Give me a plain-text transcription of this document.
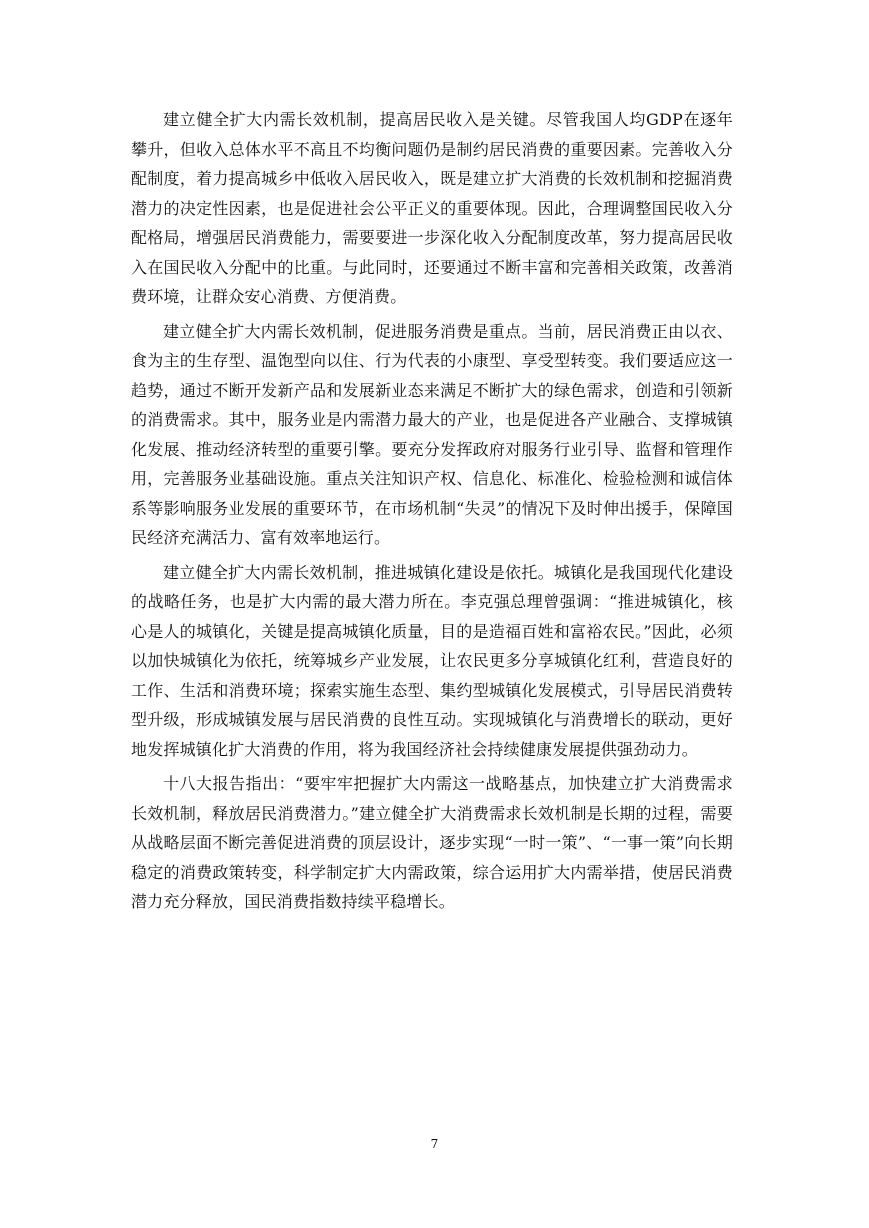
建立健全扩大内需长效机制，提高居民收入是关键。尽管我国人均GDP在逐年攀升，但收入总体水平不高且不均衡问题仍是制约居民消费的重要因素。完善收入分配制度，着力提高城乡中低收入居民收入，既是建立扩大消费的长效机制和挖掘消费潜力的决定性因素，也是促进社会公平正义的重要体现。因此，合理调整国民收入分配格局，增强居民消费能力，需要要进一步深化收入分配制度改革，努力提高居民收入在国民收入分配中的比重。与此同时，还要通过不断丰富和完善相关政策，改善消费环境，让群众安心消费、方便消费。

建立健全扩大内需长效机制，促进服务消费是重点。当前，居民消费正由以衣、食为主的生存型、温饱型向以住、行为代表的小康型、享受型转变。我们要适应这一趋势，通过不断开发新产品和发展新业态来满足不断扩大的绿色需求，创造和引领新的消费需求。其中，服务业是内需潜力最大的产业，也是促进各产业融合、支撑城镇化发展、推动经济转型的重要引擎。要充分发挥政府对服务行业引导、监督和管理作用，完善服务业基础设施。重点关注知识产权、信息化、标准化、检验检测和诚信体系等影响服务业发展的重要环节，在市场机制“失灵”的情况下及时伸出援手，保障国民经济充满活力、富有效率地运行。

建立健全扩大内需长效机制，推进城镇化建设是依托。城镇化是我国现代化建设的战略任务，也是扩大内需的最大潜力所在。李克强总理曾强调：“推进城镇化，核心是人的城镇化，关键是提高城镇化质量，目的是造福百姓和富裕农民。”因此，必须以加快城镇化为依托，统筹城乡产业发展，让农民更多分享城镇化红利，营造良好的工作、生活和消费环境；探索实施生态型、集约型城镇化发展模式，引导居民消费转型升级，形成城镇发展与居民消费的良性互动。实现城镇化与消费增长的联动，更好地发挥城镇化扩大消费的作用，将为我国经济社会持续健康发展提供强劲动力。

十八大报告指出：“要牢牢把握扩大内需这一战略基点，加快建立扩大消费需求长效机制，释放居民消费潜力。”建立健全扩大消费需求长效机制是长期的过程，需要从战略层面不断完善促进消费的顶层设计，逐步实现“一时一策”、“一事一策”向长期稳定的消费政策转变，科学制定扩大内需政策，综合运用扩大内需举措，使居民消费潜力充分释放，国民消费指数持续平稳增长。

7
